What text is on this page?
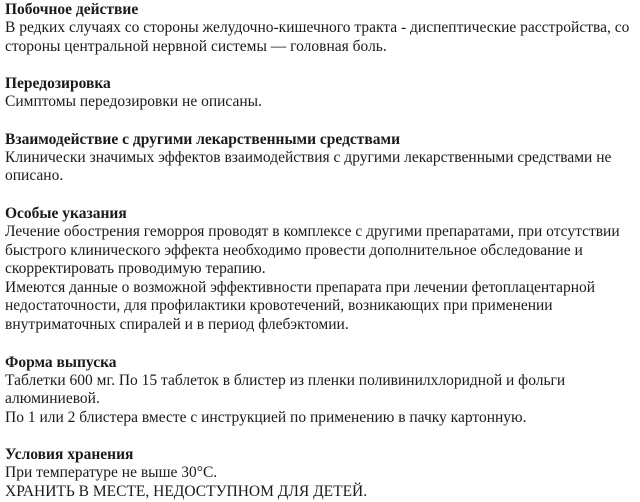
Побочное действие

В редких случаях со стороны желудочно-кишечного тракта - диспептические расстройства, со стороны центральной нервной системы — головная боль.

Передозировка

Симптомы передозировки не описаны.

Взаимодействие с другими лекарственными средствами

Клинически значимых эффектов взаимодействия с другими лекарственными средствами не описано.

Особые указания

Лечение обострения геморроя проводят в комплексе с другими препаратами, при отсутствии быстрого клинического эффекта необходимо провести дополнительное обследование и скорректировать проводимую терапию.

Имеются данные о возможной эффективности препарата при лечении фетоплацентарной недостаточности, для профилактики кровотечений, возникающих при применении внутриматочных спиралей и в период флебэктомии.

Форма выпуска

Таблетки 600 мг. По 15 таблеток в блистер из пленки поливинилхлоридной и фольги алюминиевой.

По 1 или 2 блистера вместе с инструкцией по применению в пачку картонную.

Условия хранения

При температуре не выше 30°С.

ХРАНИТЬ В МЕСТЕ, НЕДОСТУПНОМ ДЛЯ ДЕТЕЙ.
